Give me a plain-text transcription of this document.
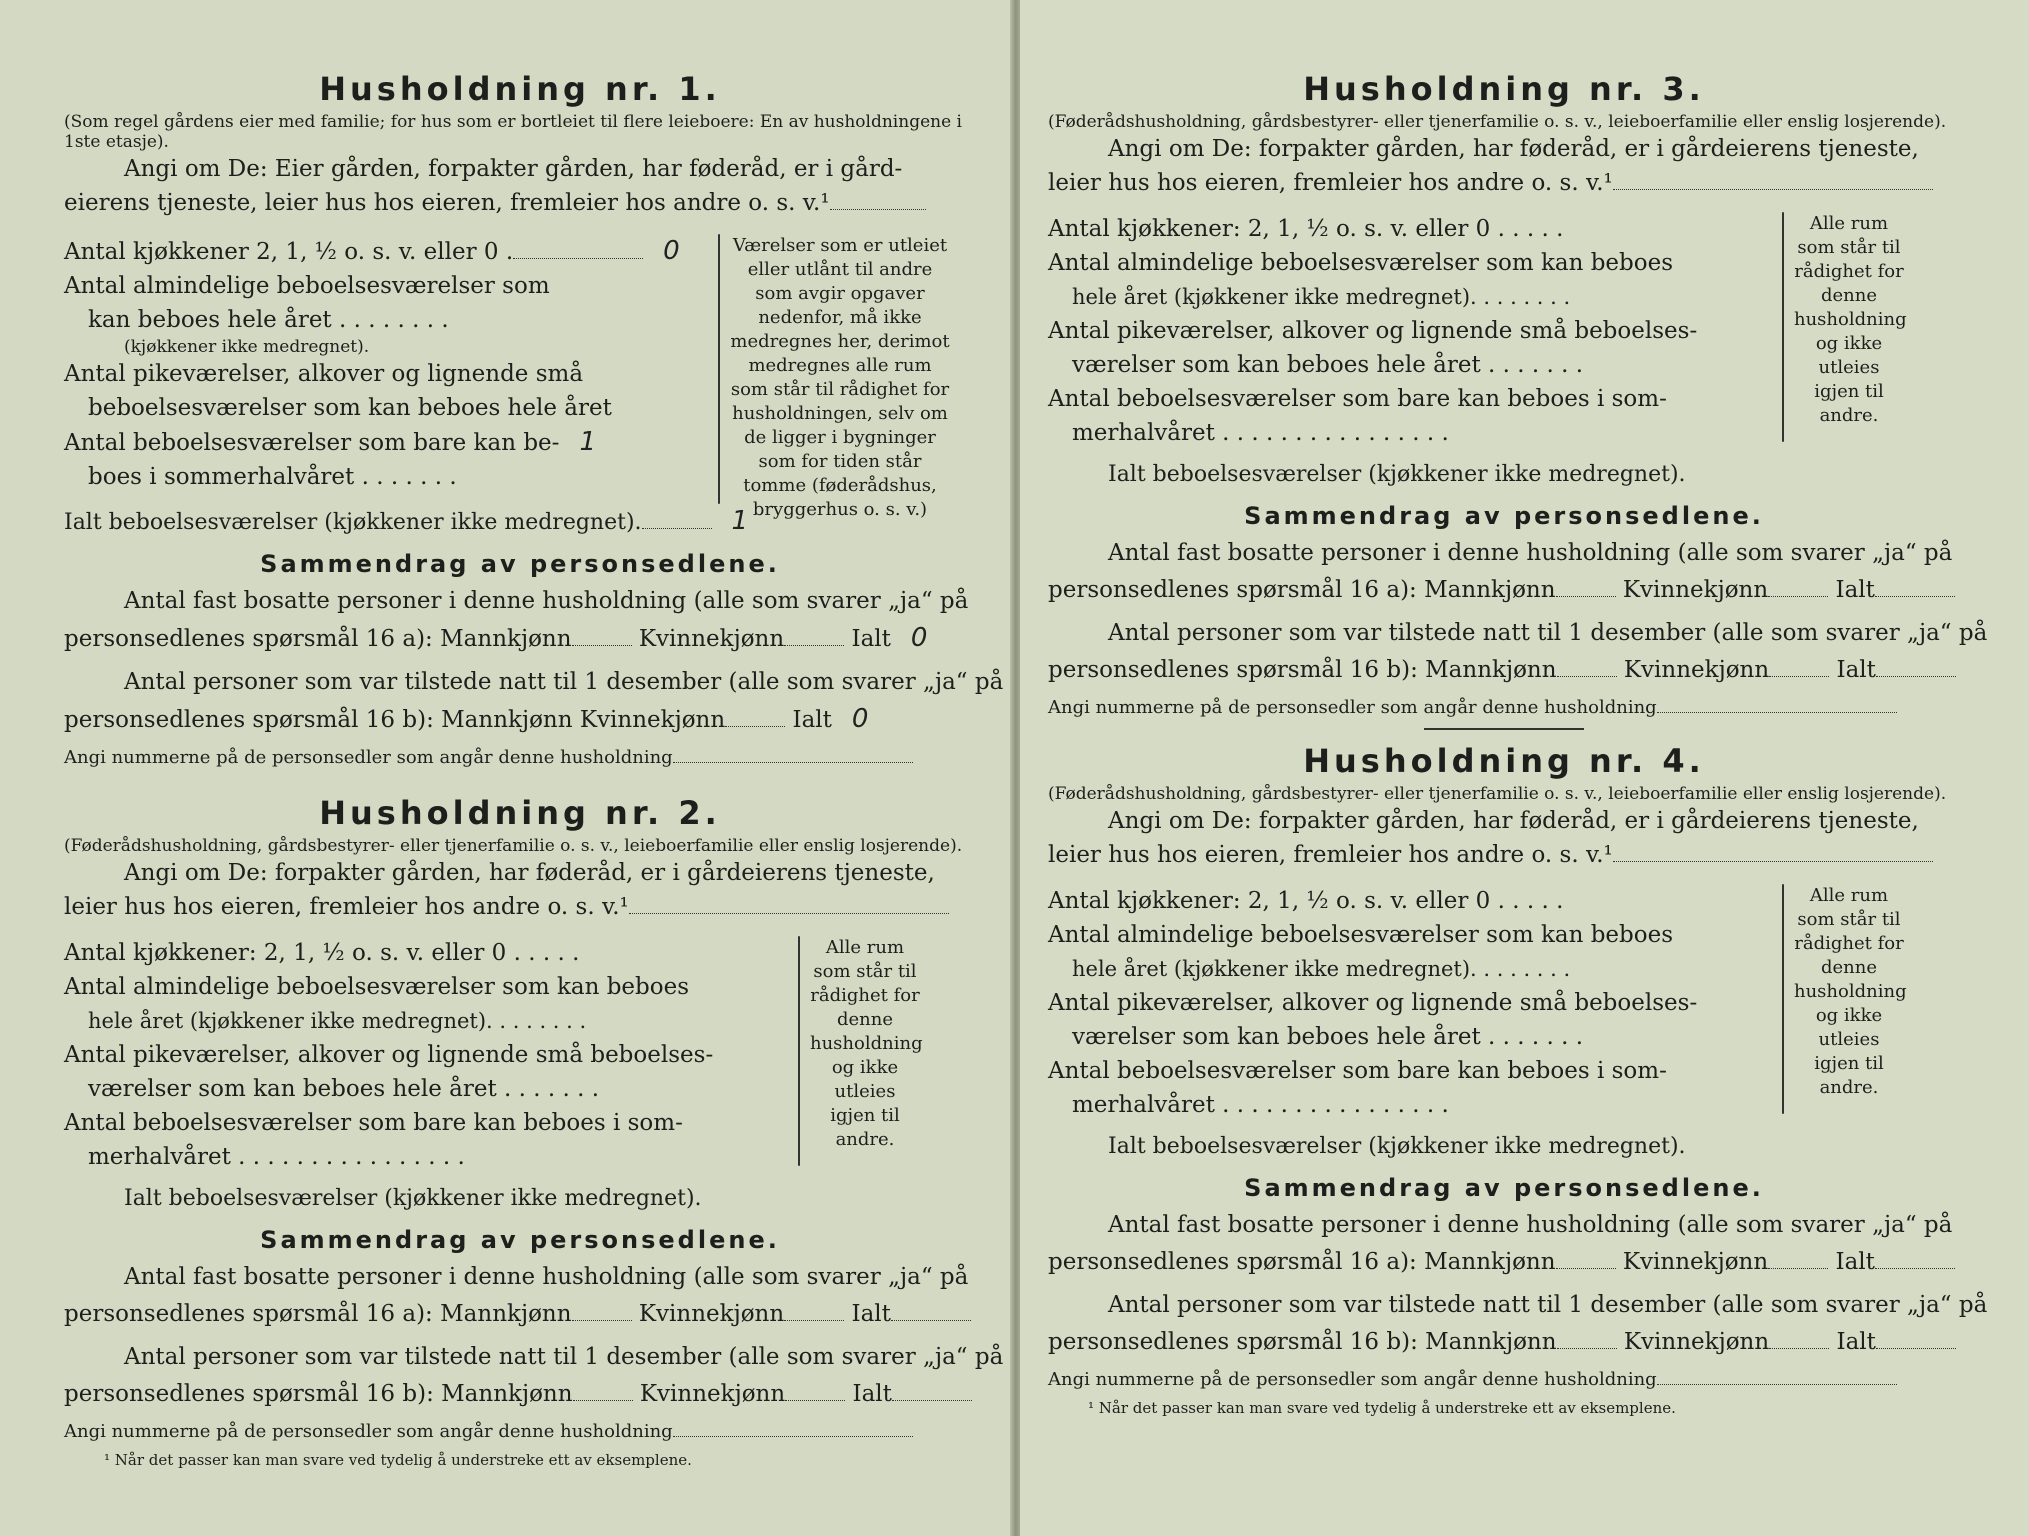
Husholdning nr. 1.

(Som regel gårdens eier med familie; for hus som er bortleiet til flere leieboere: En av husholdningene i 1ste etasje).

Angi om De: Eier gården, forpakter gården, har føderåd, er i gård-

eierens tjeneste, leier hus hos eieren, fremleier hos andre o. s. v.¹

Antal kjøkkener 2, 1, ½ o. s. v. eller 0 .	0

Antal almindelige beboelsesværelser som

kan beboes hele året . . . . . . . .

(kjøkkener ikke medregnet).

Antal pikeværelser, alkover og lignende små

beboelsesværelser som kan beboes hele året

Antal beboelsesværelser som bare kan be- 1

boes i sommerhalvåret . . . . . . .

Ialt beboelsesværelser (kjøkkener ikke medregnet).	1

Værelser som er utleiet eller utlånt til andre som avgir opgaver nedenfor, må ikke medregnes her, derimot medregnes alle rum som står til rådighet for husholdningen, selv om de ligger i bygninger som for tiden står tomme (føderådshus, bryggerhus o. s. v.)
Sammendrag av personsedlene.

Antal fast bosatte personer i denne husholdning (alle som svarer „ja“ på

personsedlenes spørsmål 16 a): Mannkjønn	Kvinnekjønn	Ialt 0

Antal personer som var tilstede natt til 1 desember (alle som svarer „ja“ på

personsedlenes spørsmål 16 b): Mannkjønn Kvinnekjønn	Ialt 0

Angi nummerne på de personsedler som angår denne husholdning

Husholdning nr. 2.

(Føderådshusholdning, gårdsbestyrer- eller tjenerfamilie o. s. v., leieboerfamilie eller enslig losjerende).

Angi om De: forpakter gården, har føderåd, er i gårdeierens tjeneste,

leier hus hos eieren, fremleier hos andre o. s. v.¹

Antal kjøkkener: 2, 1, ½ o. s. v. eller 0 . . . . .

Antal almindelige beboelsesværelser som kan beboes

hele året (kjøkkener ikke medregnet). . . . . . . .

Antal pikeværelser, alkover og lignende små beboelses-

værelser som kan beboes hele året . . . . . . .

Antal beboelsesværelser som bare kan beboes i som-

merhalvåret . . . . . . . . . . . . . . . .

Ialt beboelsesværelser (kjøkkener ikke medregnet).

Alle rum som står til rådighet for denne husholdning og ikke utleies igjen til andre.
Sammendrag av personsedlene.

Antal fast bosatte personer i denne husholdning (alle som svarer „ja“ på

personsedlenes spørsmål 16 a): Mannkjønn	Kvinnekjønn	Ialt

Antal personer som var tilstede natt til 1 desember (alle som svarer „ja“ på

personsedlenes spørsmål 16 b): Mannkjønn	Kvinnekjønn	Ialt

Angi nummerne på de personsedler som angår denne husholdning

¹ Når det passer kan man svare ved tydelig å understreke ett av eksemplene.

Husholdning nr. 3.

(Føderådshusholdning, gårdsbestyrer- eller tjenerfamilie o. s. v., leieboerfamilie eller enslig losjerende).

Angi om De: forpakter gården, har føderåd, er i gårdeierens tjeneste,

leier hus hos eieren, fremleier hos andre o. s. v.¹

Antal kjøkkener: 2, 1, ½ o. s. v. eller 0 . . . . .

Antal almindelige beboelsesværelser som kan beboes

hele året (kjøkkener ikke medregnet). . . . . . . .

Antal pikeværelser, alkover og lignende små beboelses-

værelser som kan beboes hele året . . . . . . .

Antal beboelsesværelser som bare kan beboes i som-

merhalvåret . . . . . . . . . . . . . . . .

Ialt beboelsesværelser (kjøkkener ikke medregnet).

Alle rum som står til rådighet for denne husholdning og ikke utleies igjen til andre.
Sammendrag av personsedlene.

Antal fast bosatte personer i denne husholdning (alle som svarer „ja“ på

personsedlenes spørsmål 16 a): Mannkjønn	Kvinnekjønn	Ialt

Antal personer som var tilstede natt til 1 desember (alle som svarer „ja“ på

personsedlenes spørsmål 16 b): Mannkjønn	Kvinnekjønn	Ialt

Angi nummerne på de personsedler som angår denne husholdning

Husholdning nr. 4.

(Føderådshusholdning, gårdsbestyrer- eller tjenerfamilie o. s. v., leieboerfamilie eller enslig losjerende).

Angi om De: forpakter gården, har føderåd, er i gårdeierens tjeneste,

leier hus hos eieren, fremleier hos andre o. s. v.¹

Antal kjøkkener: 2, 1, ½ o. s. v. eller 0 . . . . .

Antal almindelige beboelsesværelser som kan beboes

hele året (kjøkkener ikke medregnet). . . . . . . .

Antal pikeværelser, alkover og lignende små beboelses-

værelser som kan beboes hele året . . . . . . .

Antal beboelsesværelser som bare kan beboes i som-

merhalvåret . . . . . . . . . . . . . . . .

Ialt beboelsesværelser (kjøkkener ikke medregnet).

Alle rum som står til rådighet for denne husholdning og ikke utleies igjen til andre.
Sammendrag av personsedlene.

Antal fast bosatte personer i denne husholdning (alle som svarer „ja“ på

personsedlenes spørsmål 16 a): Mannkjønn	Kvinnekjønn	Ialt

Antal personer som var tilstede natt til 1 desember (alle som svarer „ja“ på

personsedlenes spørsmål 16 b): Mannkjønn	Kvinnekjønn	Ialt

Angi nummerne på de personsedler som angår denne husholdning

¹ Når det passer kan man svare ved tydelig å understreke ett av eksemplene.
